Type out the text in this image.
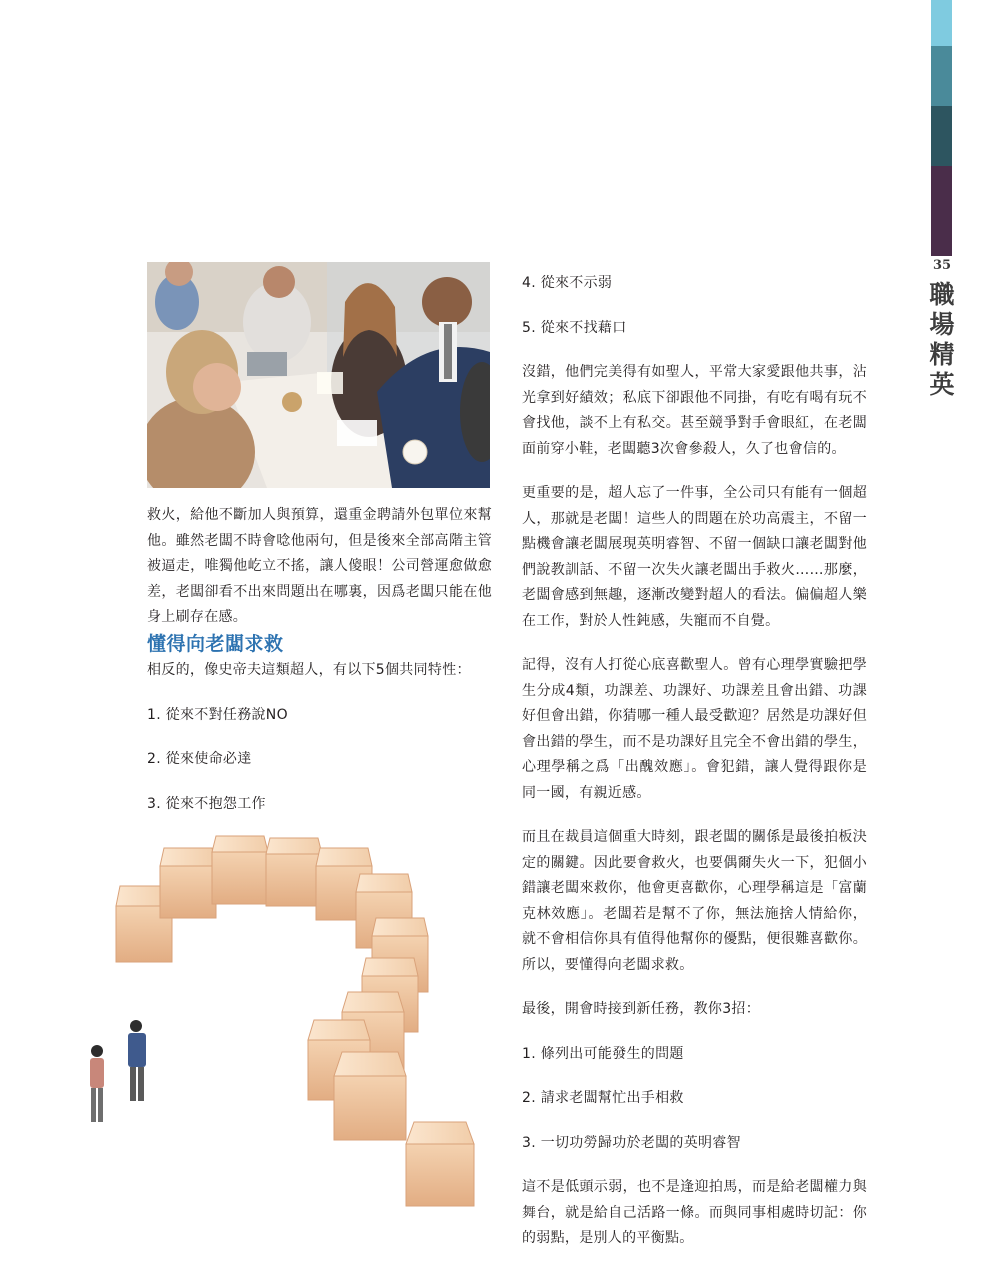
35
職場精英

救火，給他不斷加人與預算，還重金聘請外包單位來幫他。雖然老闆不時會唸他兩句，但是後來全部高階主管被逼走，唯獨他屹立不搖，讓人傻眼！公司營運愈做愈差，老闆卻看不出來問題出在哪裏，因爲老闆只能在他身上刷存在感。

懂得向老闆求救

相反的，像史帝夫這類超人，有以下5個共同特性：

1. 從來不對任務說NO

2. 從來使命必達

3. 從來不抱怨工作

4. 從來不示弱

5. 從來不找藉口

沒錯，他們完美得有如聖人，平常大家愛跟他共事，沾光拿到好績效；私底下卻跟他不同掛，有吃有喝有玩不會找他，談不上有私交。甚至競爭對手會眼紅，在老闆面前穿小鞋，老闆聽3次會參殺人，久了也會信的。

更重要的是，超人忘了一件事，全公司只有能有一個超人，那就是老闆！這些人的問題在於功高震主，不留一點機會讓老闆展現英明睿智、不留一個缺口讓老闆對他們說教訓話、不留一次失火讓老闆出手救火……那麼，老闆會感到無趣，逐漸改變對超人的看法。偏偏超人樂在工作，對於人性鈍感，失寵而不自覺。

記得，沒有人打從心底喜歡聖人。曾有心理學實驗把學生分成4類，功課差、功課好、功課差且會出錯、功課好但會出錯，你猜哪一種人最受歡迎？居然是功課好但會出錯的學生，而不是功課好且完全不會出錯的學生，心理學稱之爲「出醜效應」。會犯錯，讓人覺得跟你是同一國，有親近感。

而且在裁員這個重大時刻，跟老闆的關係是最後拍板決定的關鍵。因此要會救火，也要偶爾失火一下，犯個小錯讓老闆來救你，他會更喜歡你，心理學稱這是「富蘭克林效應」。老闆若是幫不了你，無法施捨人情給你，就不會相信你具有值得他幫你的優點，便很難喜歡你。所以，要懂得向老闆求救。

最後，開會時接到新任務，教你3招：

1. 條列出可能發生的問題

2. 請求老闆幫忙出手相救

3. 一切功勞歸功於老闆的英明睿智

這不是低頭示弱，也不是逢迎拍馬，而是給老闆權力與舞台，就是給自己活路一條。而與同事相處時切記：你的弱點，是別人的平衡點。
